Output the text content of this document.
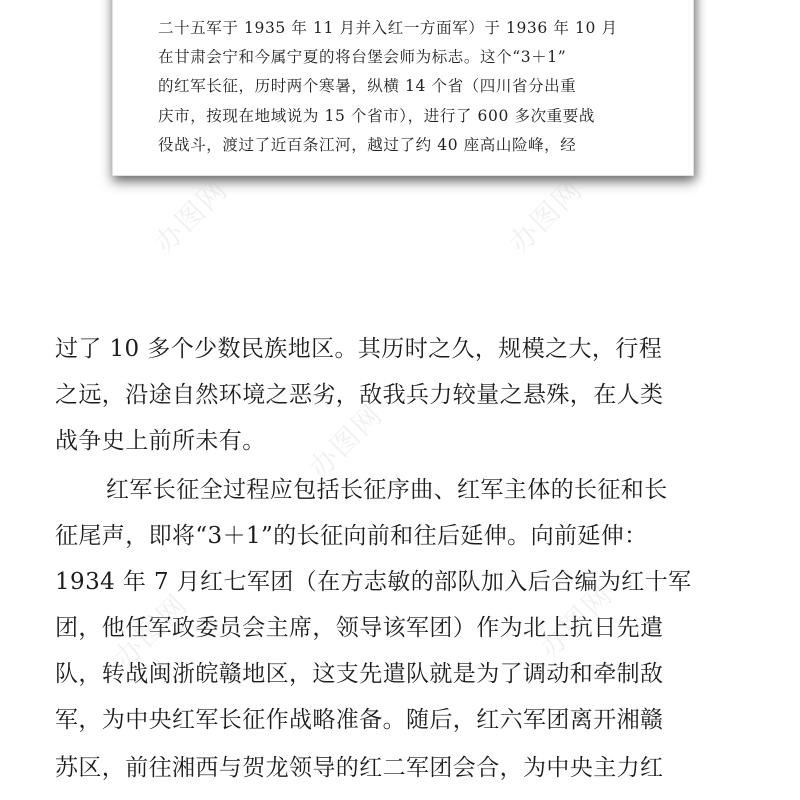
二十五军于 1935 年 11 月并入红一方面军）于 1936 年 10 月
在甘肃会宁和今属宁夏的将台堡会师为标志。这个“3＋1”
的红军长征，历时两个寒暑，纵横 14 个省（四川省分出重
庆市，按现在地域说为 15 个省市），进行了 600 多次重要战
役战斗，渡过了近百条江河，越过了约 40 座高山险峰，经
过了 10 多个少数民族地区。其历时之久，规模之大，行程
之远，沿途自然环境之恶劣，敌我兵力较量之悬殊，在人类
战争史上前所未有。
红军长征全过程应包括长征序曲、红军主体的长征和长
征尾声，即将“3＋1”的长征向前和往后延伸。向前延伸：
1934 年 7 月红七军团（在方志敏的部队加入后合编为红十军
团，他任军政委员会主席，领导该军团）作为北上抗日先遣
队，转战闽浙皖赣地区，这支先遣队就是为了调动和牵制敌
军，为中央红军长征作战略准备。随后，红六军团离开湘赣
苏区，前往湘西与贺龙领导的红二军团会合，为中央主力红
办图网	办图网
办图网
办图网	办图网
